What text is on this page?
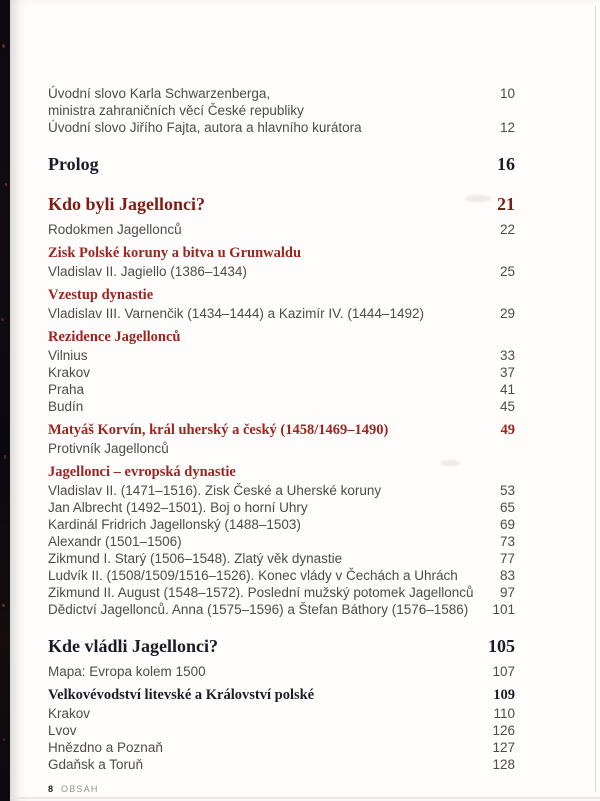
Úvodní slovo Karla Schwarzenberga,	10
ministra zahraničních věcí České republiky
Úvodní slovo Jiřího Fajta, autora a hlavního kurátora	12
Prolog	16
Kdo byli Jagellonci?	21
Rodokmen Jagellonců	22
Zisk Polské koruny a bitva u Grunwaldu
Vladislav II. Jagiello (1386–1434)	25
Vzestup dynastie
Vladislav III. Varnenčik (1434–1444) a Kazimír IV. (1444–1492)	29
Rezidence Jagellonců
Vilnius	33
Krakov	37
Praha	41
Budín	45
Matyáš Korvín, král uherský a český (1458/1469–1490)	49
Protivník Jagellonců
Jagellonci – evropská dynastie
Vladislav II. (1471–1516). Zisk České a Uherské koruny	53
Jan Albrecht (1492–1501). Boj o horní Uhry	65
Kardinál Fridrich Jagellonský (1488–1503)	69
Alexandr (1501–1506)	73
Zikmund I. Starý (1506–1548). Zlatý věk dynastie	77
Ludvík II. (1508/1509/1516–1526). Konec vlády v Čechách a Uhrách	83
Zikmund II. August (1548–1572). Poslední mužský potomek Jagellonců	97
Dědictví Jagellonců. Anna (1575–1596) a Štefan Báthory (1576–1586)	101
Kde vládli Jagellonci?	105
Mapa: Evropa kolem 1500	107
Velkovévodství litevské a Království polské	109
Krakov	110
Lvov	126
Hnězdno a Poznaň	127
Gdaňsk a Toruň	128
8 OBSAH
